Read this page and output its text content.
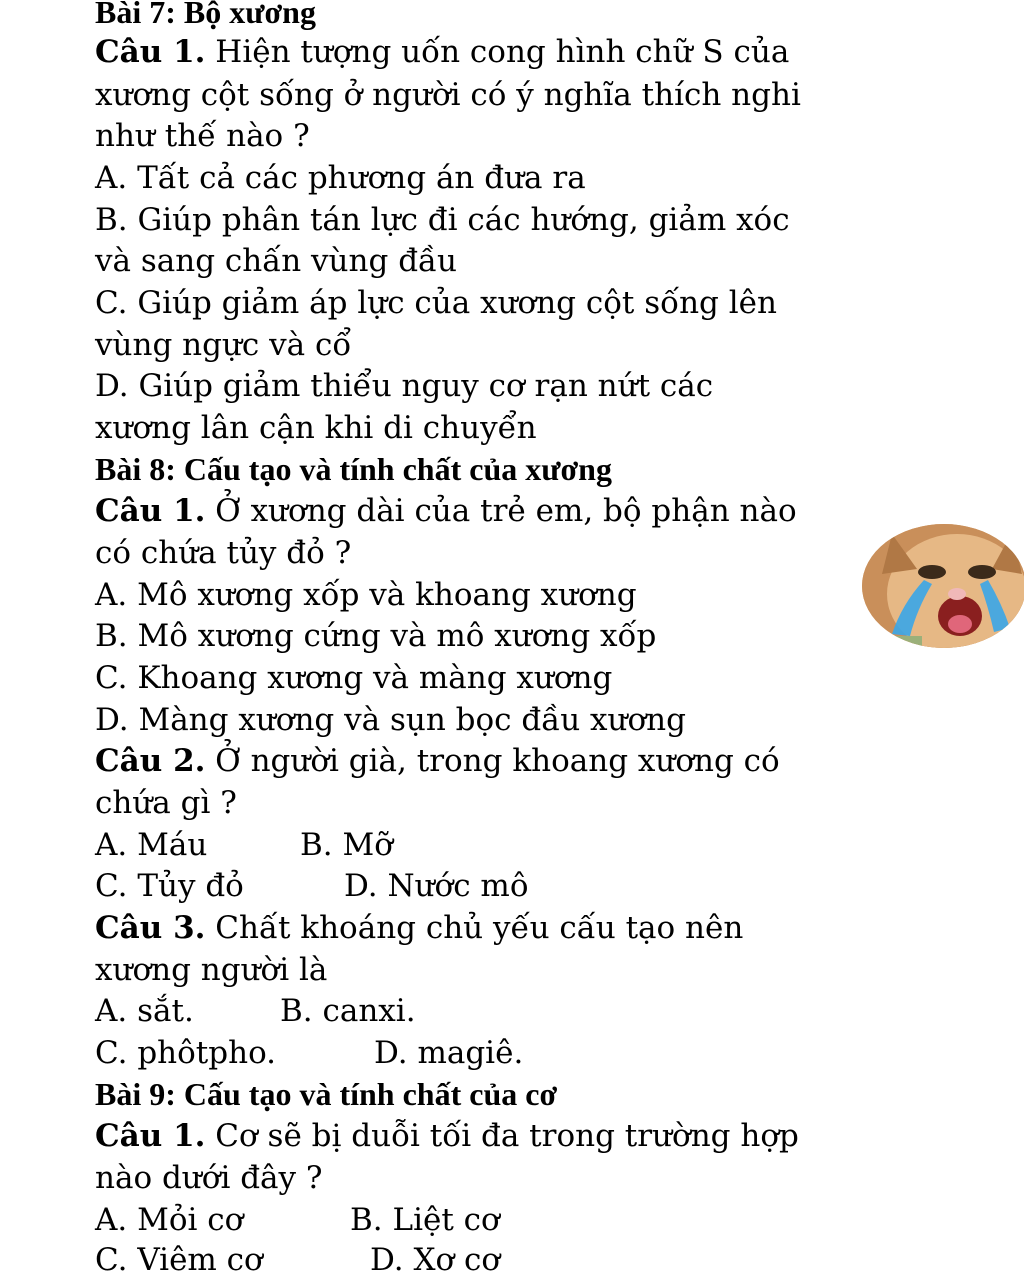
Bài 7: Bộ xương
Câu 1. Hiện tượng uốn cong hình chữ S của
xương cột sống ở người có ý nghĩa thích nghi
như thế nào ?
A. Tất cả các phương án đưa ra
B. Giúp phân tán lực đi các hướng, giảm xóc
và sang chấn vùng đầu
C. Giúp giảm áp lực của xương cột sống lên
vùng ngực và cổ
D. Giúp giảm thiểu nguy cơ rạn nứt các
xương lân cận khi di chuyển
Bài 8: Cấu tạo và tính chất của xương
Câu 1. Ở xương dài của trẻ em, bộ phận nào
có chứa tủy đỏ ?
A. Mô xương xốp và khoang xương
B. Mô xương cứng và mô xương xốp
C. Khoang xương và màng xương
D. Màng xương và sụn bọc đầu xương
Câu 2. Ở người già, trong khoang xương có
chứa gì ?
A. Máu	B. Mỡ
C. Tủy đỏ	D. Nước mô
Câu 3. Chất khoáng chủ yếu cấu tạo nên
xương người là
A. sắt.	B. canxi.
C. phôtpho.	D. magiê.
Bài 9: Cấu tạo và tính chất của cơ
Câu 1. Cơ sẽ bị duỗi tối đa trong trường hợp
nào dưới đây ?
A. Mỏi cơ	B. Liệt cơ
C. Viêm cơ	D. Xơ cơ
